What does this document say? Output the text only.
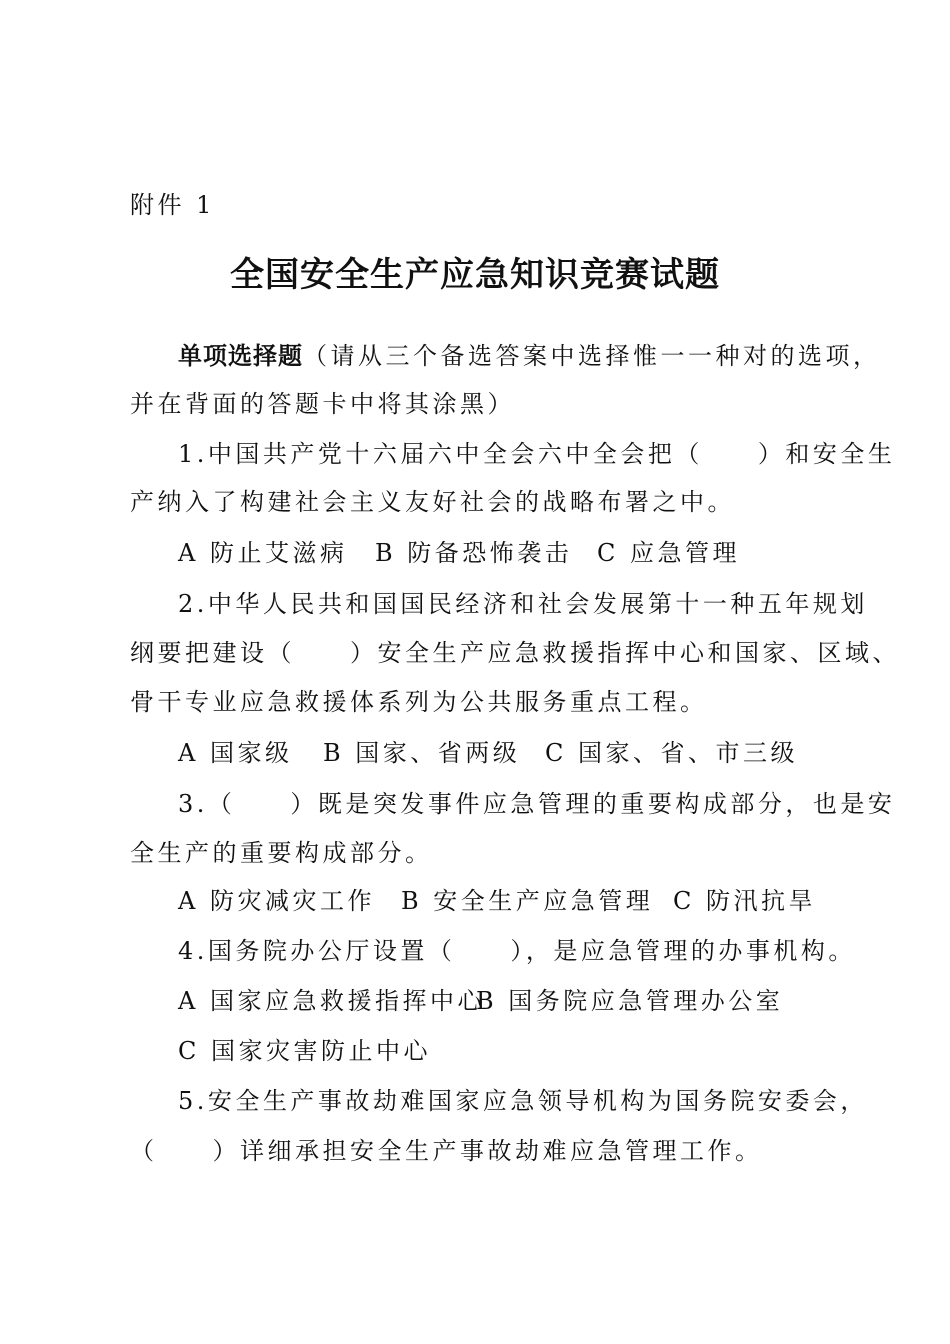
附件 1
全国安全生产应急知识竞赛试题
单项选择题（请从三个备选答案中选择惟一一种对的选项，
并在背面的答题卡中将其涂黑）
1.中国共产党十六届六中全会六中全会把（　　）和安全生
产纳入了构建社会主义友好社会的战略布署之中。
A 防止艾滋病 B 防备恐怖袭击 C 应急管理
2.中华人民共和国国民经济和社会发展第十一种五年规划
纲要把建设（　　）安全生产应急救援指挥中心和国家、区域、
骨干专业应急救援体系列为公共服务重点工程。
A 国家级 B 国家、省两级 C 国家、省、市三级
3.（　　）既是突发事件应急管理的重要构成部分，也是安
全生产的重要构成部分。
A 防灾减灾工作 B 安全生产应急管理 C 防汛抗旱
4.国务院办公厅设置（　　），是应急管理的办事机构。
A 国家应急救援指挥中心
B 国务院应急管理办公室
C 国家灾害防止中心
5.安全生产事故劫难国家应急领导机构为国务院安委会，
（　　）详细承担安全生产事故劫难应急管理工作。
